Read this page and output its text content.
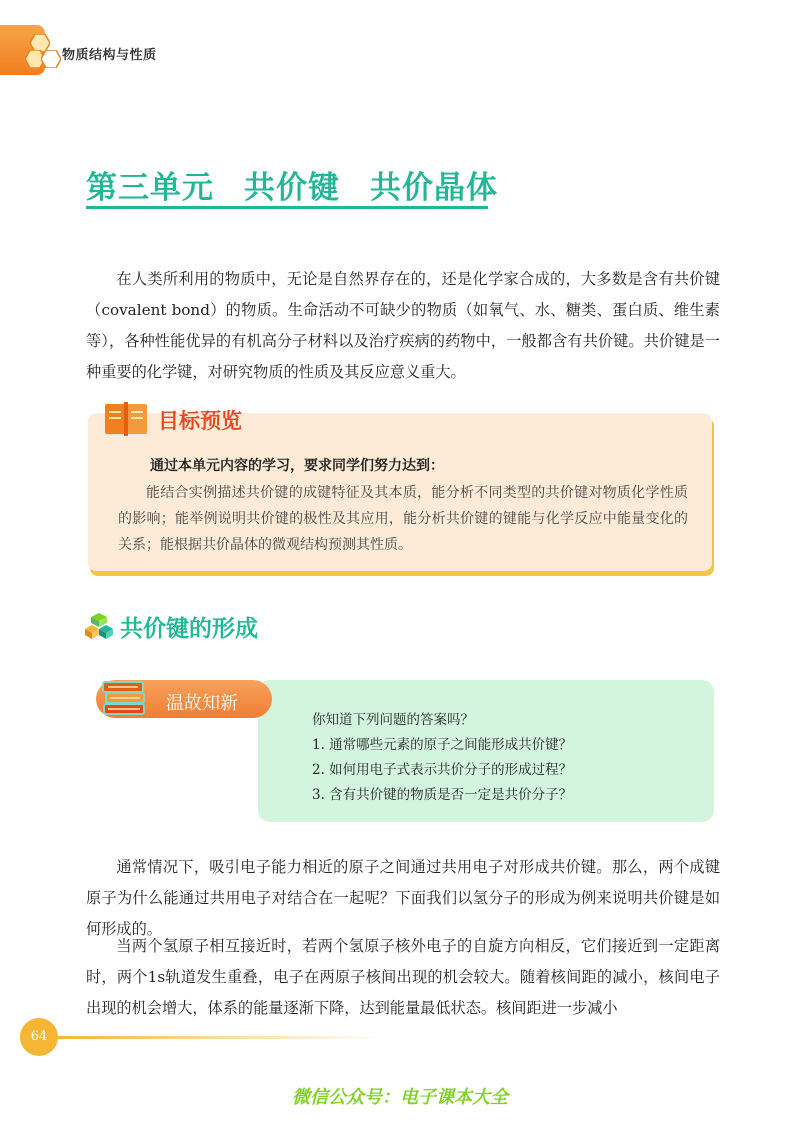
物质结构与性质
第三单元 共价键 共价晶体

在人类所利用的物质中，无论是自然界存在的，还是化学家合成的，大多数是含有共价键（covalent bond）的物质。生命活动不可缺少的物质（如氧气、水、糖类、蛋白质、维生素等），各种性能优异的有机高分子材料以及治疗疾病的药物中，一般都含有共价键。共价键是一种重要的化学键，对研究物质的性质及其反应意义重大。

目标预览
通过本单元内容的学习，要求同学们努力达到：

能结合实例描述共价键的成键特征及其本质，能分析不同类型的共价键对物质化学性质的影响；能举例说明共价键的极性及其应用，能分析共价键的键能与化学反应中能量变化的关系；能根据共价晶体的微观结构预测其性质。

共价键的形成
温故知新

你知道下列问题的答案吗？

1. 通常哪些元素的原子之间能形成共价键？

2. 如何用电子式表示共价分子的形成过程？

3. 含有共价键的物质是否一定是共价分子？

通常情况下，吸引电子能力相近的原子之间通过共用电子对形成共价键。那么，两个成键原子为什么能通过共用电子对结合在一起呢？下面我们以氢分子的形成为例来说明共价键是如何形成的。

当两个氢原子相互接近时，若两个氢原子核外电子的自旋方向相反，它们接近到一定距离时，两个1s轨道发生重叠，电子在两原子核间出现的机会较大。随着核间距的减小，核间电子出现的机会增大，体系的能量逐渐下降，达到能量最低状态。核间距进一步减小

64
微信公众号：电子课本大全
